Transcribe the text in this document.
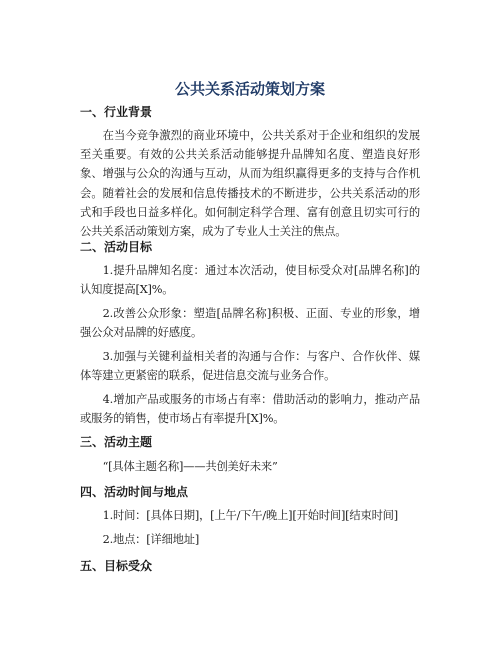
公共关系活动策划方案
一、行业背景

在当今竞争激烈的商业环境中，公共关系对于企业和组织的发展至关重要。有效的公共关系活动能够提升品牌知名度、塑造良好形象、增强与公众的沟通与互动，从而为组织赢得更多的支持与合作机会。随着社会的发展和信息传播技术的不断进步，公共关系活动的形式和手段也日益多样化。如何制定科学合理、富有创意且切实可行的公共关系活动策划方案，成为了专业人士关注的焦点。

二、活动目标

1.提升品牌知名度：通过本次活动，使目标受众对[品牌名称]的认知度提高[X]%。

2.改善公众形象：塑造[品牌名称]积极、正面、专业的形象，增强公众对品牌的好感度。

3.加强与关键利益相关者的沟通与合作：与客户、合作伙伴、媒体等建立更紧密的联系，促进信息交流与业务合作。

4.增加产品或服务的市场占有率：借助活动的影响力，推动产品或服务的销售，使市场占有率提升[X]%。

三、活动主题

“[具体主题名称]——共创美好未来”

四、活动时间与地点

1.时间：[具体日期]，[上午/下午/晚上][开始时间][结束时间]

2.地点：[详细地址]

五、目标受众
